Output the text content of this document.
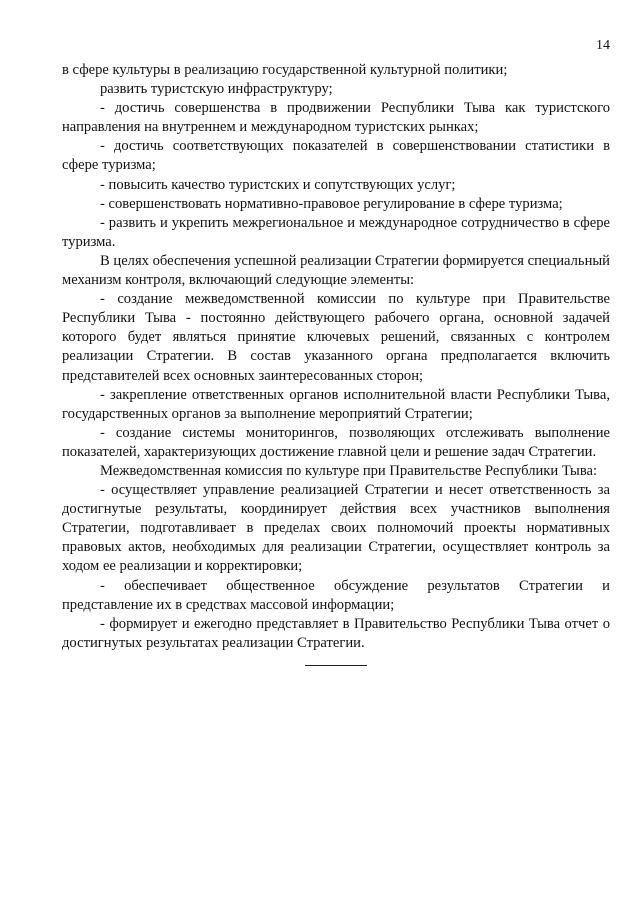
14

в сфере культуры в реализацию государственной культурной политики;

развить туристскую инфраструктуру;

- достичь совершенства в продвижении Республики Тыва как туристского направления на внутреннем и международном туристских рынках;

- достичь соответствующих показателей в совершенствовании статистики в сфере туризма;

- повысить качество туристских и сопутствующих услуг;

- совершенствовать нормативно-правовое регулирование в сфере туризма;

- развить и укрепить межрегиональное и международное сотрудничество в сфере туризма.

В целях обеспечения успешной реализации Стратегии формируется специальный механизм контроля, включающий следующие элементы:

- создание межведомственной комиссии по культуре при Правительстве Республики Тыва - постоянно действующего рабочего органа, основной задачей которого будет являться принятие ключевых решений, связанных с контролем реализации Стратегии. В состав указанного органа предполагается включить представителей всех основных заинтересованных сторон;

- закрепление ответственных органов исполнительной власти Республики Тыва, государственных органов за выполнение мероприятий Стратегии;

- создание системы мониторингов, позволяющих отслеживать выполнение показателей, характеризующих достижение главной цели и решение задач Стратегии.

Межведомственная комиссия по культуре при Правительстве Республики Тыва:

- осуществляет управление реализацией Стратегии и несет ответственность за достигнутые результаты, координирует действия всех участников выполнения Стратегии, подготавливает в пределах своих полномочий проекты нормативных правовых актов, необходимых для реализации Стратегии, осуществляет контроль за ходом ее реализации и корректировки;

- обеспечивает общественное обсуждение результатов Стратегии и представление их в средствах массовой информации;

- формирует и ежегодно представляет в Правительство Республики Тыва отчет о достигнутых результатах реализации Стратегии.
